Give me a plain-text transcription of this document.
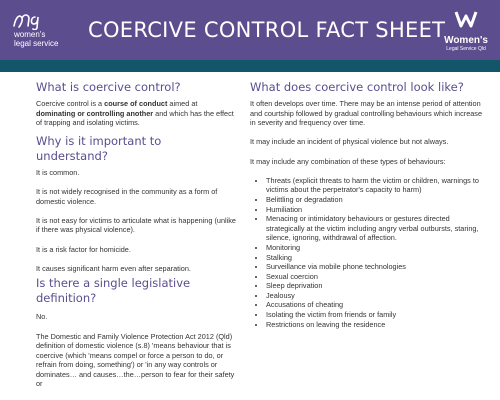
women's
legal service
COERCIVE CONTROL FACT SHEET
Women's
Legal Service Qld
What is coercive control?

Coercive control is a course of conduct aimed at dominating or controlling another and which has the effect of trapping and isolating victims.

Why is it important to understand?

It is common.

It is not widely recognised in the community as a form of domestic violence.

It is not easy for victims to articulate what is happening (unlike if there was physical violence).

It is a risk factor for homicide.

It causes significant harm even after separation.

Is there a single legislative definition?

No.

The Domestic and Family Violence Protection Act 2012 (Qld) definition of domestic violence (s.8) 'means behaviour that is coercive (which 'means compel or force a person to do, or refrain from doing, something') or 'in any way controls or dominates… and causes…the…person to fear for their safety or

What does coercive control look like?

It often develops over time. There may be an intense period of attention and courtship followed by gradual controlling behaviours which increase in severity and frequency over time.

It may include an incident of physical violence but not always.

It may include any combination of these types of behaviours:

• Threats (explicit threats to harm the victim or children, warnings to victims about the perpetrator's capacity to harm)
• Belittling or degradation
• Humiliation
• Menacing or intimidatory behaviours or gestures directed strategically at the victim including angry verbal outbursts, staring, silence, ignoring, withdrawal of affection.
• Monitoring
• Stalking
• Surveillance via mobile phone technologies
• Sexual coercion
• Sleep deprivation
• Jealousy
• Accusations of cheating
• Isolating the victim from friends or family
• Restrictions on leaving the residence
